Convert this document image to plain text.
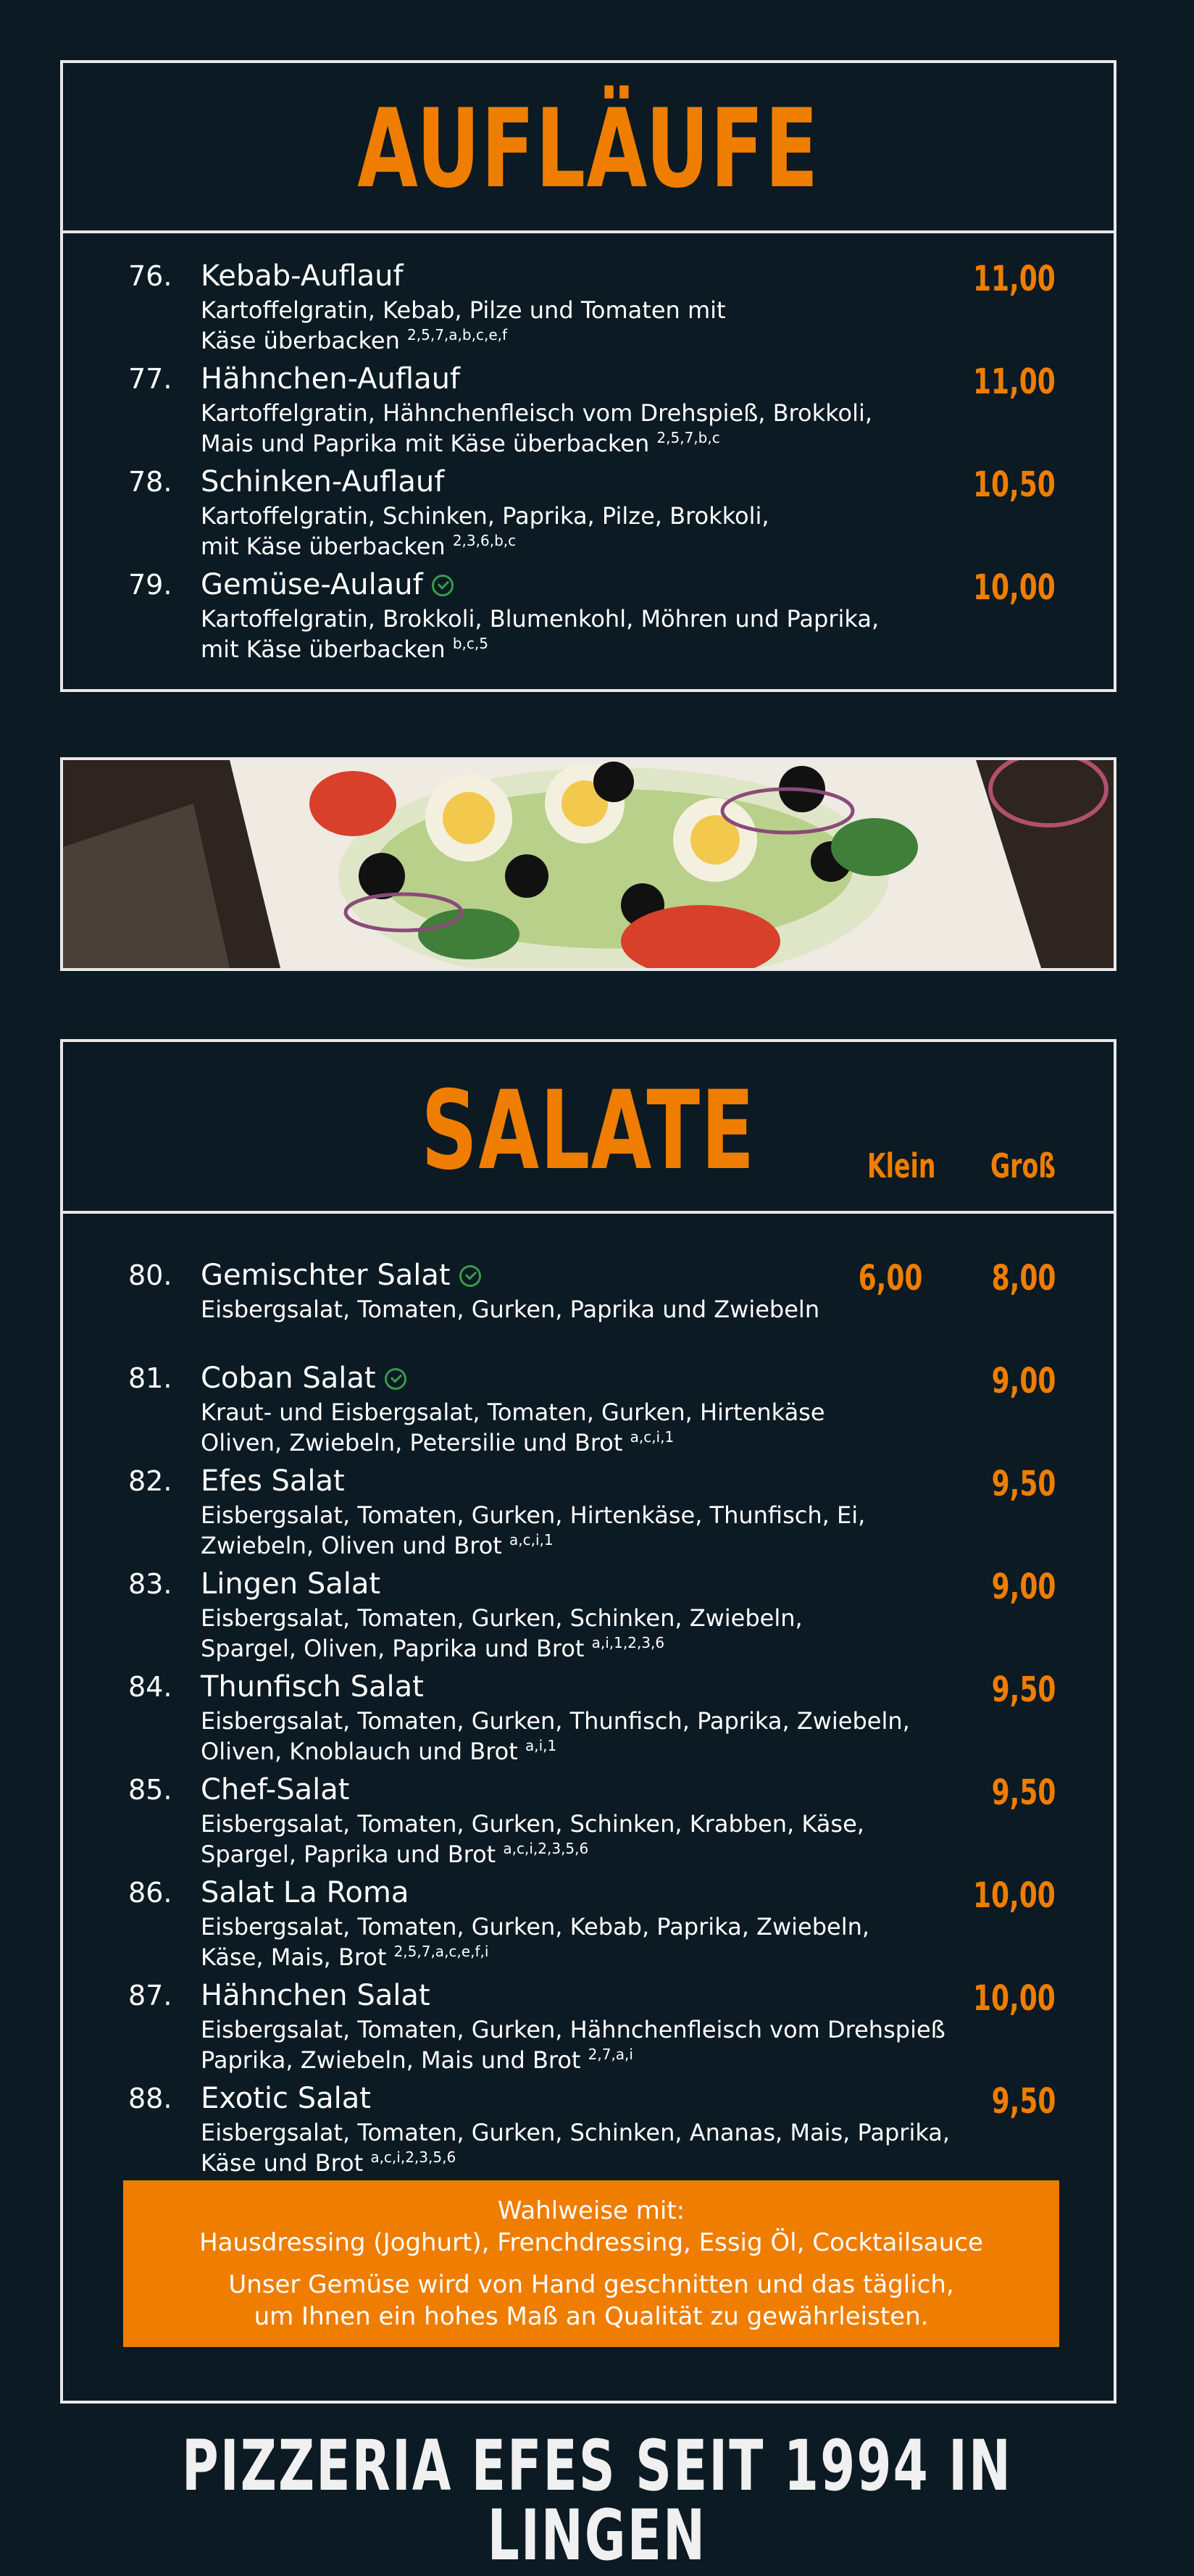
AUFLÄUFE
76. Kebab-Auflauf
Kartoffelgratin, Kebab, Pilze und Tomaten mit
Käse überbacken $^{2,5,7,a,b,c,e,f}$
11,00
77. Hähnchen-Auflauf
Kartoffelgratin, Hähnchenfleisch vom Drehspieß, Brokkoli,
Mais und Paprika mit Käse überbacken $^{2,5,7,b,c}$
11,00
78. Schinken-Auflauf
Kartoffelgratin, Schinken, Paprika, Pilze, Brokkoli,
mit Käse überbacken $^{2,3,6,b,c}$
10,50
79. Gemüse-Aulauf
Kartoffelgratin, Brokkoli, Blumenkohl, Möhren und Paprika,
mit Käse überbacken $^{b,c,5}$
10,00
SALATE	Klein Groß
80. Gemischter Salat
Eisbergsalat, Tomaten, Gurken, Paprika und Zwiebeln
6,00 8,00
81. Coban Salat
Kraut- und Eisbergsalat, Tomaten, Gurken, Hirtenkäse
Oliven, Zwiebeln, Petersilie und Brot $^{a,c,i,1}$
9,00
82. Efes Salat
Eisbergsalat, Tomaten, Gurken, Hirtenkäse, Thunfisch, Ei,
Zwiebeln, Oliven und Brot $^{a,c,i,1}$
9,50
83. Lingen Salat
Eisbergsalat, Tomaten, Gurken, Schinken, Zwiebeln,
Spargel, Oliven, Paprika und Brot $^{a,i,1,2,3,6}$
9,00
84. Thunfisch Salat
Eisbergsalat, Tomaten, Gurken, Thunfisch, Paprika, Zwiebeln,
Oliven, Knoblauch und Brot $^{a,i,1}$
9,50
85. Chef-Salat
Eisbergsalat, Tomaten, Gurken, Schinken, Krabben, Käse,
Spargel, Paprika und Brot $^{a,c,i,2,3,5,6}$
9,50
86. Salat La Roma
Eisbergsalat, Tomaten, Gurken, Kebab, Paprika, Zwiebeln,
Käse, Mais, Brot $^{2,5,7,a,c,e,f,i}$
10,00
87. Hähnchen Salat
Eisbergsalat, Tomaten, Gurken, Hähnchenfleisch vom Drehspieß
Paprika, Zwiebeln, Mais und Brot $^{2,7,a,i}$
10,00
88. Exotic Salat
Eisbergsalat, Tomaten, Gurken, Schinken, Ananas, Mais, Paprika,
Käse und Brot $^{a,c,i,2,3,5,6}$
9,50
Wahlweise mit:
Hausdressing (Joghurt), Frenchdressing, Essig Öl, Cocktailsauce
Unser Gemüse wird von Hand geschnitten und das täglich,
um Ihnen ein hohes Maß an Qualität zu gewährleisten.
PIZZERIA EFES SEIT 1994 IN LINGEN
